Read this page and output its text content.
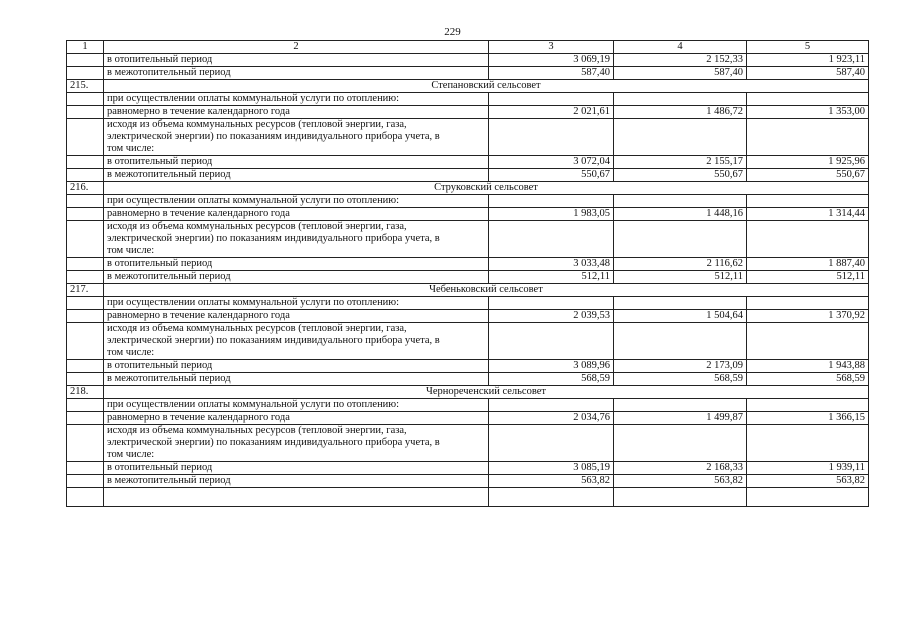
229
1	2	3	4	5
	в отопительный период	3 069,19	2 152,33	1 923,11
	в межотопительный период	587,40	587,40	587,40
215.	Степановский сельсовет			
	при осуществлении оплаты коммунальной услуги по отоплению:			
	равномерно в течение календарного года	2 021,61	1 486,72	1 353,00
	исходя из объема коммунальных ресурсов (тепловой энергии, газа, электрической энергии) по показаниям индивидуального прибора учета, в том числе:			
	в отопительный период	3 072,04	2 155,17	1 925,96
	в межотопительный период	550,67	550,67	550,67
216.	Струковский сельсовет			
	при осуществлении оплаты коммунальной услуги по отоплению:			
	равномерно в течение календарного года	1 983,05	1 448,16	1 314,44
	исходя из объема коммунальных ресурсов (тепловой энергии, газа, электрической энергии) по показаниям индивидуального прибора учета, в том числе:			
	в отопительный период	3 033,48	2 116,62	1 887,40
	в межотопительный период	512,11	512,11	512,11
217.	Чебеньковский сельсовет			
	при осуществлении оплаты коммунальной услуги по отоплению:			
	равномерно в течение календарного года	2 039,53	1 504,64	1 370,92
	исходя из объема коммунальных ресурсов (тепловой энергии, газа, электрической энергии) по показаниям индивидуального прибора учета, в том числе:			
	в отопительный период	3 089,96	2 173,09	1 943,88
	в межотопительный период	568,59	568,59	568,59
218.	Черноречeнский сельсовет			
	при осуществлении оплаты коммунальной услуги по отоплению:			
	равномерно в течение календарного года	2 034,76	1 499,87	1 366,15
	исходя из объема коммунальных ресурсов (тепловой энергии, газа, электрической энергии) по показаниям индивидуального прибора учета, в том числе:			
	в отопительный период	3 085,19	2 168,33	1 939,11
	в межотопительный период	563,82	563,82	563,82
